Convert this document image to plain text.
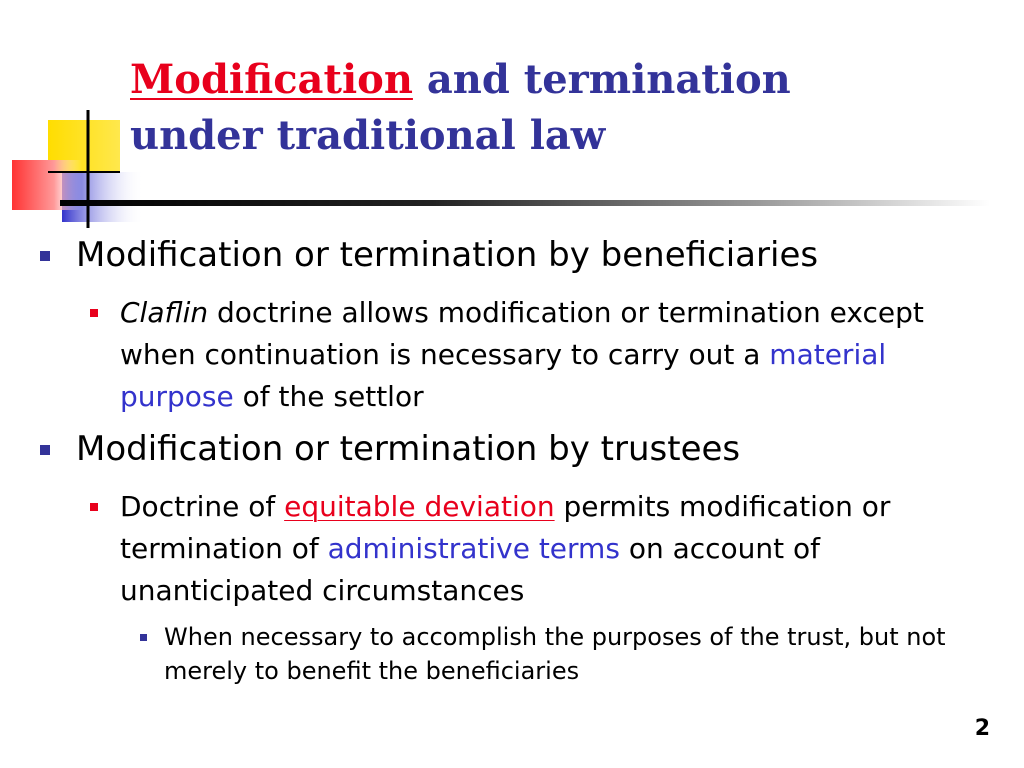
Modification and termination
under traditional law
Modification or termination by beneficiaries
Claflin doctrine allows modification or termination except when continuation is necessary to carry out a material purpose of the settlor
Modification or termination by trustees
Doctrine of equitable deviation permits modification or termination of administrative terms on account of unanticipated circumstances
When necessary to accomplish the purposes of the trust, but not merely to benefit the beneficiaries
2
